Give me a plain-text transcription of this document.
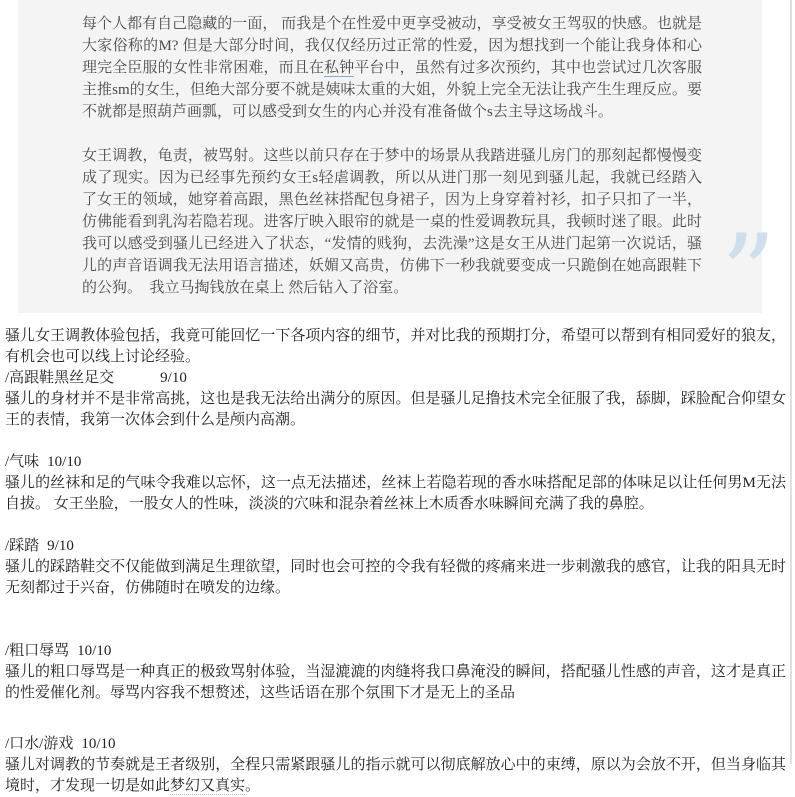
每个人都有自己隐藏的一面， 而我是个在性爱中更享受被动，享受被女王驾驭的快感。也就是大家俗称的M? 但是大部分时间，我仅仅经历过正常的性爱，因为想找到一个能让我身体和心理完全臣服的女性非常困难，而且在私钟平台中，虽然有过多次预约，其中也尝试过几次客服主推sm的女生，但绝大部分要不就是姨味太重的大姐，外貌上完全无法让我产生生理反应。要不就都是照葫芦画瓢，可以感受到女生的内心并没有准备做个s去主导这场战斗。

女王调教，龟责，被骂射。这些以前只存在于梦中的场景从我踏进骚儿房门的那刻起都慢慢变成了现实。因为已经事先预约女王s轻虐调教，所以从进门那一刻见到骚儿起，我就已经踏入了女王的领域，她穿着高跟，黑色丝袜搭配包身裙子，因为上身穿着衬衫，扣子只扣了一半，仿佛能看到乳沟若隐若现。进客厅映入眼帘的就是一桌的性爱调教玩具，我顿时迷了眼。此时我可以感受到骚儿已经进入了状态，“发情的贱狗，去洗澡”这是女王从进门起第一次说话，骚儿的声音语调我无法用语言描述，妖媚又高贵，仿佛下一秒我就要变成一只跪倒在她高跟鞋下的公狗。　我立马掏钱放在桌上 然后钻入了浴室。	”

骚儿女王调教体验包括，我竟可能回忆一下各项内容的细节，并对比我的预期打分，希望可以帮到有相同爱好的狼友，有机会也可以线上讨论经验。

/高跟鞋黑丝足交	9/10

骚儿的身材并不是非常高挑，这也是我无法给出满分的原因。但是骚儿足撸技术完全征服了我，舔脚，踩脸配合仰望女王的表情，我第一次体会到什么是颅内高潮。

/气味 10/10

骚儿的丝袜和足的气味令我难以忘怀，这一点无法描述，丝袜上若隐若现的香水味搭配足部的体味足以让任何男M无法自拔。 女王坐脸，一股女人的性味，淡淡的穴味和混杂着丝袜上木质香水味瞬间充满了我的鼻腔。

/踩踏 9/10

骚儿的踩踏鞋交不仅能做到满足生理欲望，同时也会可控的令我有轻微的疼痛来进一步刺激我的感官，让我的阳具无时无刻都过于兴奋，仿佛随时在喷发的边缘。

/粗口辱骂 10/10

骚儿的粗口辱骂是一种真正的极致骂射体验，当湿漉漉的肉缝将我口鼻淹没的瞬间，搭配骚儿性感的声音，这才是真正的性爱催化剂。辱骂内容我不想赘述，这些话语在那个氛围下才是无上的圣品

/口水/游戏 10/10

骚儿对调教的节奏就是王者级别，全程只需紧跟骚儿的指示就可以彻底解放心中的束缚，原以为会放不开，但当身临其境时，才发现一切是如此梦幻又真实。
